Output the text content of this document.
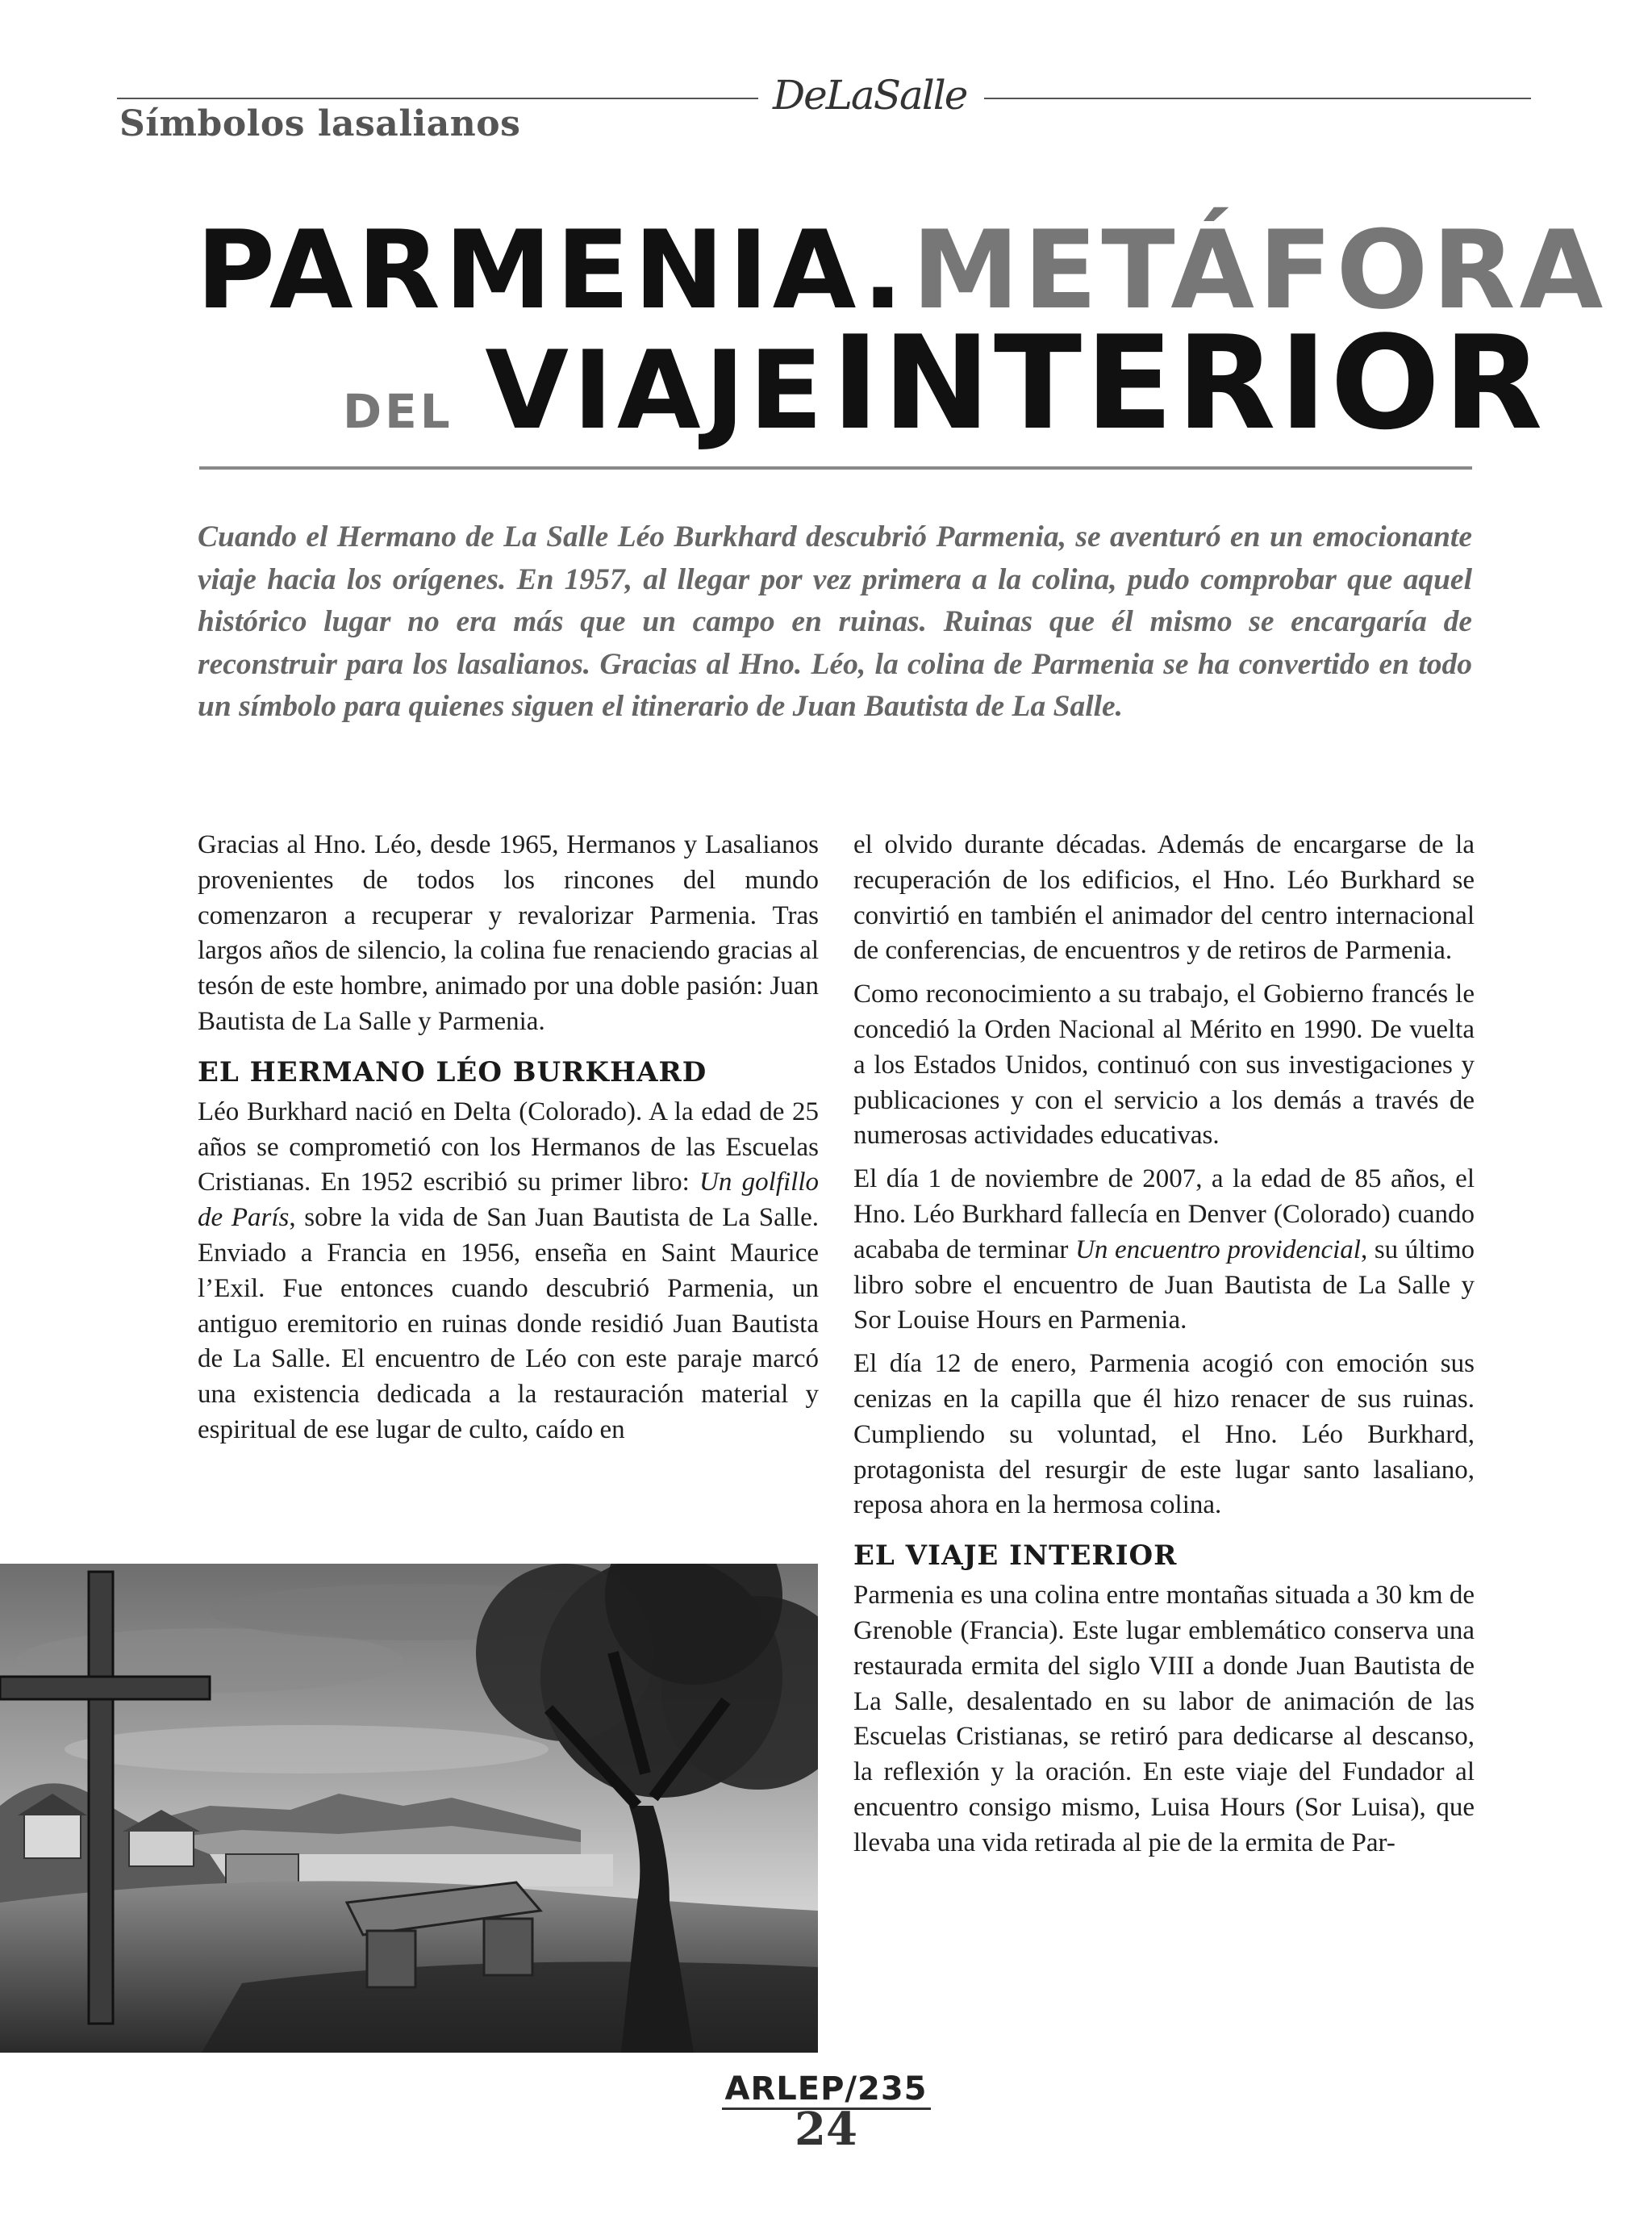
DeLaSalle
Símbolos lasalianos
PARMENIA. METÁFORA
DEL VIAJE INTERIOR

Cuando el Hermano de La Salle Léo Burkhard descubrió Parmenia, se aventuró en un emocionante viaje hacia los orígenes. En 1957, al llegar por vez primera a la colina, pudo comprobar que aquel histórico lugar no era más que un campo en ruinas. Ruinas que él mismo se encargaría de reconstruir para los lasalianos. Gracias al Hno. Léo, la colina de Parmenia se ha convertido en todo un símbolo para quienes siguen el itinerario de Juan Bautista de La Salle.

Gracias al Hno. Léo, desde 1965, Hermanos y Lasalianos provenientes de todos los rincones del mundo comenzaron a recuperar y revalorizar Parmenia. Tras largos años de silencio, la colina fue renaciendo gracias al tesón de este hombre, animado por una doble pasión: Juan Bautista de La Salle y Parmenia.

EL HERMANO LÉO BURKHARD

Léo Burkhard nació en Delta (Colorado). A la edad de 25 años se comprometió con los Hermanos de las Escuelas Cristianas. En 1952 escribió su primer libro: Un golfillo de París, sobre la vida de San Juan Bautista de La Salle. Enviado a Francia en 1956, enseña en Saint Maurice l’Exil. Fue entonces cuando descubrió Parmenia, un antiguo eremitorio en ruinas donde residió Juan Bautista de La Salle. El encuentro de Léo con este paraje marcó una existencia dedicada a la restauración material y espiritual de ese lugar de culto, caído en

el olvido durante décadas. Además de encargarse de la recuperación de los edificios, el Hno. Léo Burkhard se convirtió en también el animador del centro internacional de conferencias, de encuentros y de retiros de Parmenia.

Como reconocimiento a su trabajo, el Gobierno francés le concedió la Orden Nacional al Mérito en 1990. De vuelta a los Estados Unidos, continuó con sus investigaciones y publicaciones y con el servicio a los demás a través de numerosas actividades educativas.

El día 1 de noviembre de 2007, a la edad de 85 años, el Hno. Léo Burkhard fallecía en Denver (Colorado) cuando acababa de terminar Un encuentro providencial, su último libro sobre el encuentro de Juan Bautista de La Salle y Sor Louise Hours en Parmenia.

El día 12 de enero, Parmenia acogió con emoción sus cenizas en la capilla que él hizo renacer de sus ruinas. Cumpliendo su voluntad, el Hno. Léo Burkhard, protagonista del resurgir de este lugar santo lasaliano, reposa ahora en la hermosa colina.

EL VIAJE INTERIOR

Parmenia es una colina entre montañas situada a 30 km de Grenoble (Francia). Este lugar emblemático conserva una restaurada ermita del siglo VIII a donde Juan Bautista de La Salle, desalentado en su labor de animación de las Escuelas Cristianas, se retiró para dedicarse al descanso, la reflexión y la oración. En este viaje del Fundador al encuentro consigo mismo, Luisa Hours (Sor Luisa), que llevaba una vida retirada al pie de la ermita de Par-

ARLEP/235
24
